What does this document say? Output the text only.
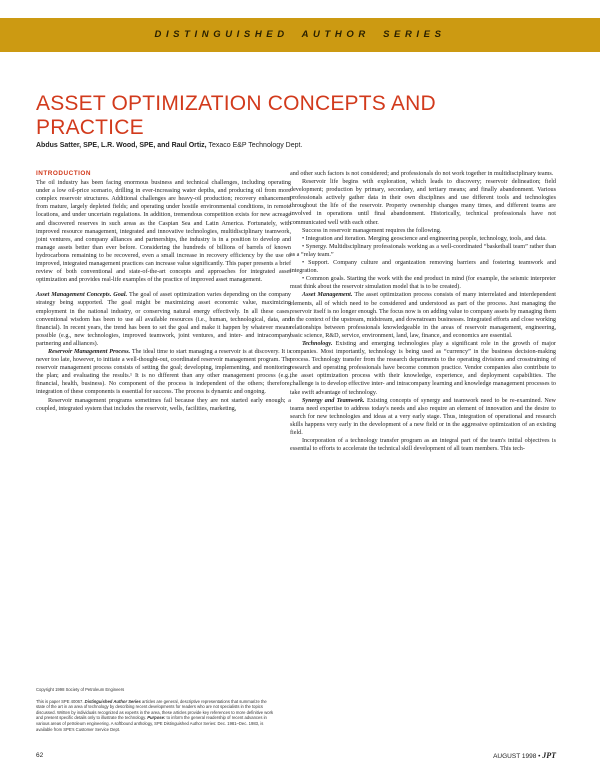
DISTINGUISHED AUTHOR SERIES
ASSET OPTIMIZATION CONCEPTS AND PRACTICE
Abdus Satter, SPE, L.R. Wood, SPE, and Raul Ortiz, Texaco E&P Technology Dept.
INTRODUCTION

The oil industry has been facing enormous business and technical challenges, including operating under a low oil-price scenario, drilling in ever-increasing water depths, and producing oil from more complex reservoir structures. Additional challenges are heavy-oil production; recovery enhancement from mature, largely depleted fields; and operating under hostile environmental conditions, in remote locations, and under uncertain regulations. In addition, tremendous competition exists for new acreage and discovered reserves in such areas as the Caspian Sea and Latin America. Fortunately, with improved resource management, integrated and innovative technologies, multidisciplinary teamwork, joint ventures, and company alliances and partnerships, the industry is in a position to develop and manage assets better than ever before. Considering the hundreds of billions of barrels of known hydrocarbons remaining to be recovered, even a small increase in recovery efficiency by the use of improved, integrated management practices can increase value significantly. This paper presents a brief review of both conventional and state-of-the-art concepts and approaches for integrated asset optimization and provides real-life examples of the practice of improved asset management.

Asset Management Concepts. Goal. The goal of asset optimization varies depending on the company strategy being supported. The goal might be maximizing asset economic value, maximizing employment in the national industry, or conserving natural energy effectively. In all these cases, conventional wisdom has been to use all available resources (i.e., human, technological, data, and financial). In recent years, the trend has been to set the goal and make it happen by whatever means possible (e.g., new technologies, improved teamwork, joint ventures, and inter- and intracompany partnering and alliances).

Reservoir Management Process. The ideal time to start managing a reservoir is at discovery. It is never too late, however, to initiate a well-thought-out, coordinated reservoir management program. The reservoir management process consists of setting the goal; developing, implementing, and monitoring the plan; and evaluating the results.¹ It is no different than any other management process (e.g., financial, health, business). No component of the process is independent of the others; therefore, integration of these components is essential for success. The process is dynamic and ongoing.

Reservoir management programs sometimes fail because they are not started early enough; a coupled, integrated system that includes the reservoir, wells, facilities, marketing,

and other such factors is not considered; and professionals do not work together in multidisciplinary teams.

Reservoir life begins with exploration, which leads to discovery; reservoir delineation; field development; production by primary, secondary, and tertiary means; and finally abandonment. Various professionals actively gather data in their own disciplines and use different tools and technologies throughout the life of the reservoir. Property ownership changes many times, and different teams are involved in operations until final abandonment. Historically, technical professionals have not communicated well with each other.

Success in reservoir management requires the following.

• Integration and iteration. Merging geoscience and engineering people, technology, tools, and data.

• Synergy. Multidisciplinary professionals working as a well-coordinated “basketball team” rather than as a “relay team.”

• Support. Company culture and organization removing barriers and fostering teamwork and integration.

• Common goals. Starting the work with the end product in mind (for example, the seismic interpreter must think about the reservoir simulation model that is to be created).

Asset Management. The asset optimization process consists of many interrelated and interdependent elements, all of which need to be considered and understood as part of the process. Just managing the reservoir itself is no longer enough. The focus now is on adding value to company assets by managing them in the context of the upstream, midstream, and downstream businesses. Integrated efforts and close working relationships between professionals knowledgeable in the areas of reservoir management, engineering, basic science, R&D, service, environment, land, law, finance, and economics are essential.

Technology. Existing and emerging technologies play a significant role in the growth of major companies. Most importantly, technology is being used as “currency” in the business decision-making process. Technology transfer from the research departments to the operating divisions and crosstraining of research and operating professionals have become common practice. Vendor companies also contribute to the asset optimization process with their knowledge, experience, and deployment capabilities. The challenge is to develop effective inter- and intracompany learning and knowledge management processes to take swift advantage of technology.

Synergy and Teamwork. Existing concepts of synergy and teamwork need to be re-examined. New teams need expertise to address today's needs and also require an element of innovation and the desire to search for new technologies and ideas at a very early stage. Thus, integration of operational and research skills happens very early in the development of a new field or in the aggressive optimization of an existing field.

Incorporation of a technology transfer program as an integral part of the team's initial objectives is essential to efforts to accelerate the technical skill development of all team members. This tech-

Copyright 1998 Society of Petroleum Engineers

This is paper SPE 40067. Distinguished Author Series articles are general, descriptive representations that summarize the state of the art in an area of technology by describing recent developments for readers who are not specialists in the topics discussed. Written by individuals recognized as experts in the area, these articles provide key references to more definitive work and present specific details only to illustrate the technology. Purpose: to inform the general readership of recent advances in various areas of petroleum engineering. A softbound anthology, SPE Distinguished Author Series: Dec. 1981–Dec. 1983, is available from SPE's Customer Service Dept.

62	AUGUST 1998 • JPT
